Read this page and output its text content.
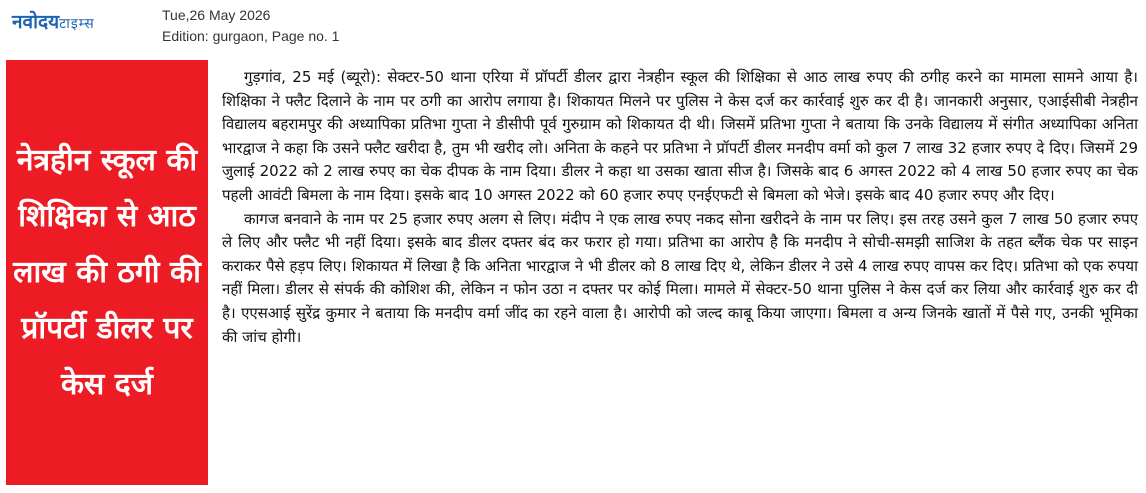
नवोदयटाइम्स
Tue,26 May 2026
Edition: gurgaon, Page no. 1
नेत्रहीन स्कूल की शिक्षिका से आठ लाख की ठगी की प्रॉपर्टी डीलर पर केस दर्ज

गुड़गांव, 25 मई (ब्यूरो): सेक्टर-50 थाना एरिया में प्रॉपर्टी डीलर द्वारा नेत्रहीन स्कूल की शिक्षिका से आठ लाख रुपए की ठगीह करने का मामला सामने आया है। शिक्षिका ने फ्लैट दिलाने के नाम पर ठगी का आरोप लगाया है। शिकायत मिलने पर पुलिस ने केस दर्ज कर कार्रवाई शुरु कर दी है। जानकारी अनुसार, एआईसीबी नेत्रहीन विद्यालय बहरामपुर की अध्यापिका प्रतिभा गुप्ता ने डीसीपी पूर्व गुरुग्राम को शिकायत दी थी। जिसमें प्रतिभा गुप्ता ने बताया कि उनके विद्यालय में संगीत अध्यापिका अनिता भारद्वाज ने कहा कि उसने फ्लैट खरीदा है, तुम भी खरीद लो। अनिता के कहने पर प्रतिभा ने प्रॉपर्टी डीलर मनदीप वर्मा को कुल 7 लाख 32 हजार रुपए दे दिए। जिसमें 29 जुलाई 2022 को 2 लाख रुपए का चेक दीपक के नाम दिया। डीलर ने कहा था उसका खाता सीज है। जिसके बाद 6 अगस्त 2022 को 4 लाख 50 हजार रुपए का चेक पहली आवंटी बिमला के नाम दिया। इसके बाद 10 अगस्त 2022 को 60 हजार रुपए एनईएफटी से बिमला को भेजे। इसके बाद 40 हजार रुपए और दिए।

कागज बनवाने के नाम पर 25 हजार रुपए अलग से लिए। मंदीप ने एक लाख रुपए नकद सोना खरीदने के नाम पर लिए। इस तरह उसने कुल 7 लाख 50 हजार रुपए ले लिए और फ्लैट भी नहीं दिया। इसके बाद डीलर दफ्तर बंद कर फरार हो गया। प्रतिभा का आरोप है कि मनदीप ने सोची-समझी साजिश के तहत ब्लैंक चेक पर साइन कराकर पैसे हड़प लिए। शिकायत में लिखा है कि अनिता भारद्वाज ने भी डीलर को 8 लाख दिए थे, लेकिन डीलर ने उसे 4 लाख रुपए वापस कर दिए। प्रतिभा को एक रुपया नहीं मिला। डीलर से संपर्क की कोशिश की, लेकिन न फोन उठा न दफ्तर पर कोई मिला। मामले में सेक्टर-50 थाना पुलिस ने केस दर्ज कर लिया और कार्रवाई शुरु कर दी है। एएसआई सुरेंद्र कुमार ने बताया कि मनदीप वर्मा जींद का रहने वाला है। आरोपी को जल्द काबू किया जाएगा। बिमला व अन्य जिनके खातों में पैसे गए, उनकी भूमिका की जांच होगी।
